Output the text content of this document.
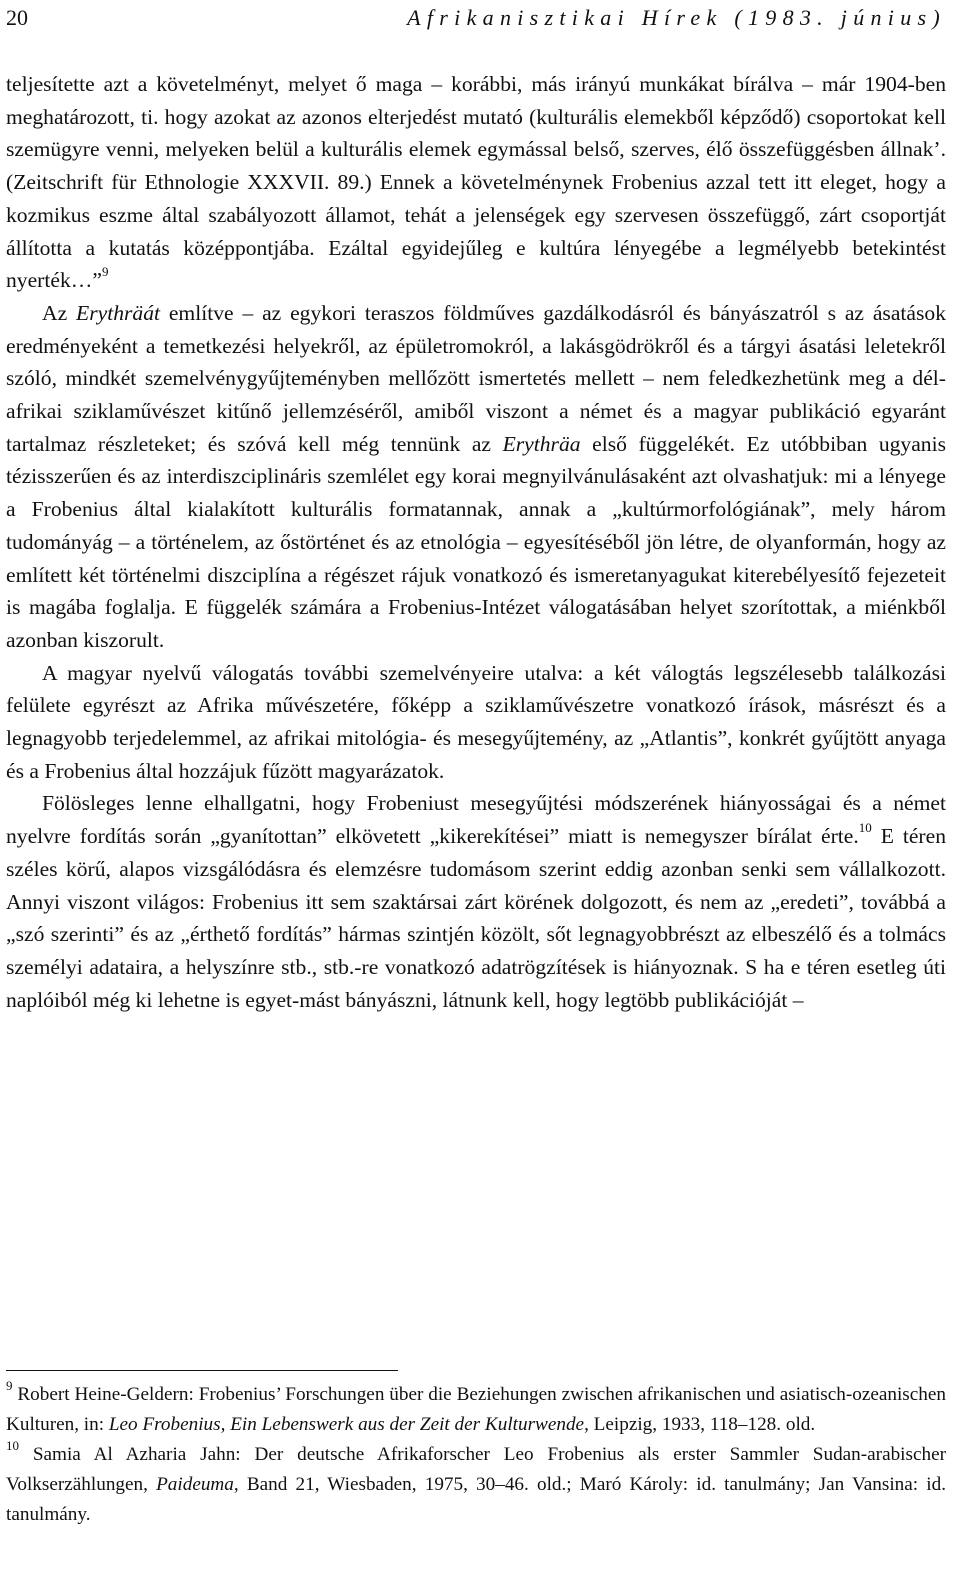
20	Afrikanisztikai Hírek (1983. június)

teljesítette azt a követelményt, melyet ő maga – korábbi, más irányú munkákat bírálva – már 1904-ben meghatározott, ti. hogy azokat az azonos elterjedést mutató (kulturális elemekből képződő) csoportokat kell szemügyre venni, melyeken belül a kulturális elemek egymással belső, szerves, élő összefüggésben állnak’. (Zeitschrift für Ethnologie XXXVII. 89.) Ennek a követelménynek Frobenius azzal tett itt eleget, hogy a kozmikus eszme által szabályozott államot, tehát a jelenségek egy szervesen összefüggő, zárt csoportját állította a kutatás középpontjába. Ezáltal egyidejűleg e kultúra lényegébe a legmélyebb betekintést nyerték…”$^9$

Az Erythräát említve – az egykori teraszos földműves gazdálkodásról és bányászatról s az ásatások eredményeként a temetkezési helyekről, az épületromokról, a lakásgödrökről és a tárgyi ásatási leletekről szóló, mindkét szemelvénygyűjteményben mellőzött ismertetés mellett – nem feledkezhetünk meg a dél-afrikai sziklaművészet kitűnő jellemzéséről, amiből viszont a német és a magyar publikáció egyaránt tartalmaz részleteket; és szóvá kell még tennünk az Erythräa első függelékét. Ez utóbbiban ugyanis tézisszerűen és az interdiszciplináris szemlélet egy korai megnyilvánulásaként azt olvashatjuk: mi a lényege a Frobenius által kialakított kulturális formatannak, annak a „kultúrmorfológiának”, mely három tudományág – a történelem, az őstörténet és az etnológia – egyesítéséből jön létre, de olyanformán, hogy az említett két történelmi diszciplína a régészet rájuk vonatkozó és ismeretanyagukat kiterebélyesítő fejezeteit is magába foglalja. E függelék számára a Frobenius-Intézet válogatásában helyet szorítottak, a miénkből azonban kiszorult.

A magyar nyelvű válogatás további szemelvényeire utalva: a két válogtás legszélesebb találkozási felülete egyrészt az Afrika művészetére, főképp a sziklaművészetre vonatkozó írások, másrészt és a legnagyobb terjedelemmel, az afrikai mitológia- és mesegyűjtemény, az „Atlantis”, konkrét gyűjtött anyaga és a Frobenius által hozzájuk fűzött magyarázatok.

Fölösleges lenne elhallgatni, hogy Frobeniust mesegyűjtési módszerének hiányosságai és a német nyelvre fordítás során „gyanítottan” elkövetett „kikerekítései” miatt is nemegyszer bírálat érte.$^{10}$ E téren széles körű, alapos vizsgálódásra és elemzésre tudomásom szerint eddig azonban senki sem vállalkozott. Annyi viszont világos: Frobenius itt sem szaktársai zárt körének dolgozott, és nem az „eredeti”, továbbá a „szó szerinti” és az „érthető fordítás” hármas szintjén közölt, sőt legnagyobbrészt az elbeszélő és a tolmács személyi adataira, a helyszínre stb., stb.-re vonatkozó adatrögzítések is hiányoznak. S ha e téren esetleg úti naplóiból még ki lehetne is egyet-mást bányászni, látnunk kell, hogy legtöbb publikációját –

$^9$ Robert Heine-Geldern: Frobenius’ Forschungen über die Beziehungen zwischen afrikanischen und asiatisch-ozeanischen Kulturen, in: Leo Frobenius, Ein Lebenswerk aus der Zeit der Kulturwende, Leipzig, 1933, 118–128. old.

$^{10}$ Samia Al Azharia Jahn: Der deutsche Afrikaforscher Leo Frobenius als erster Sammler Sudan-arabischer Volkserzählungen, Paideuma, Band 21, Wiesbaden, 1975, 30–46. old.; Maró Károly: id. tanulmány; Jan Vansina: id. tanulmány.
